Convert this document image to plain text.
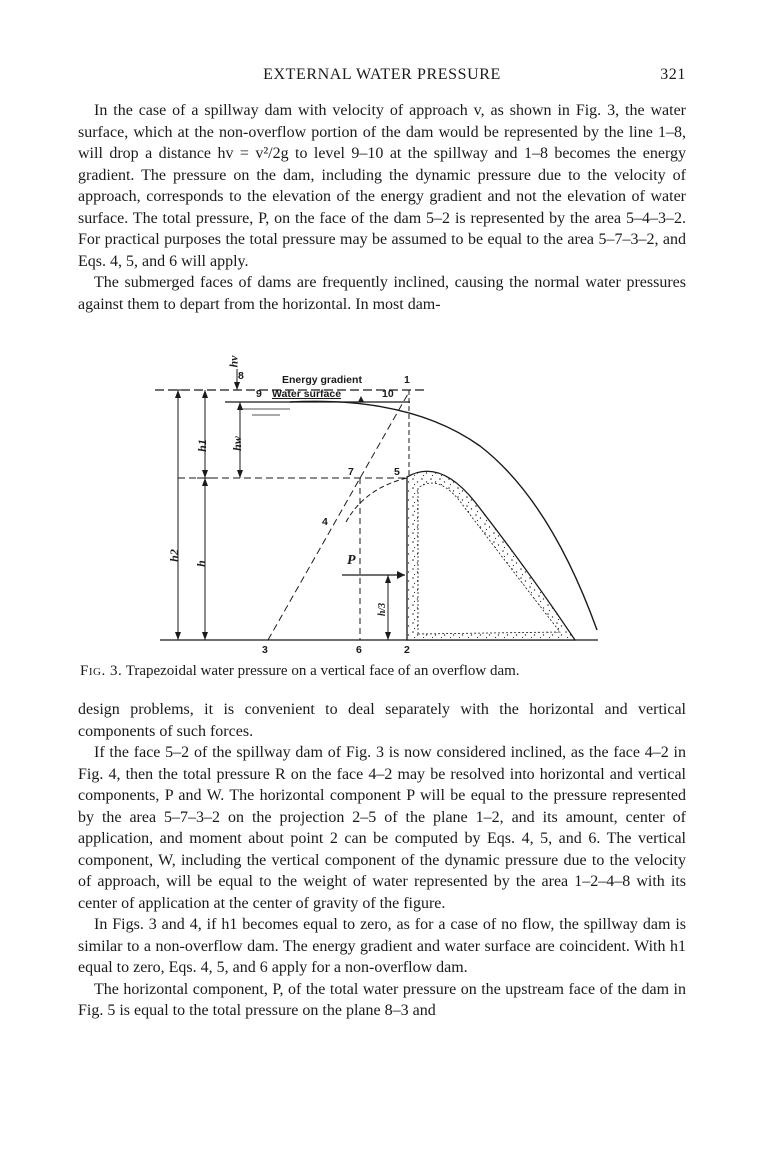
EXTERNAL WATER PRESSURE	321

In the case of a spillway dam with velocity of approach v, as shown in Fig. 3, the water surface, which at the non-overflow portion of the dam would be represented by the line 1–8, will drop a distance hv = v²/2g to level 9–10 at the spillway and 1–8 becomes the energy gradient. The pressure on the dam, including the dynamic pressure due to the velocity of approach, corresponds to the elevation of the energy gradient and not the elevation of water surface. The total pressure, P, on the face of the dam 5–2 is represented by the area 5–4–3–2. For practical purposes the total pressure may be assumed to be equal to the area 5–7–3–2, and Eqs. 4, 5, and 6 will apply.

The submerged faces of dams are frequently inclined, causing the normal water pressures against them to depart from the horizontal. In most dam-

8	Energy gradient	1
9 Water surface	10
7	5
4
3	6	2
P
hv
h2
h1
h
hw
h/3
Fig. 3. Trapezoidal water pressure on a vertical face of an overflow dam.

design problems, it is convenient to deal separately with the horizontal and vertical components of such forces.

If the face 5–2 of the spillway dam of Fig. 3 is now considered inclined, as the face 4–2 in Fig. 4, then the total pressure R on the face 4–2 may be resolved into horizontal and vertical components, P and W. The horizontal component P will be equal to the pressure represented by the area 5–7–3–2 on the projection 2–5 of the plane 1–2, and its amount, center of application, and moment about point 2 can be computed by Eqs. 4, 5, and 6. The vertical component, W, including the vertical component of the dynamic pressure due to the velocity of approach, will be equal to the weight of water represented by the area 1–2–4–8 with its center of application at the center of gravity of the figure.

In Figs. 3 and 4, if h1 becomes equal to zero, as for a case of no flow, the spillway dam is similar to a non-overflow dam. The energy gradient and water surface are coincident. With h1 equal to zero, Eqs. 4, 5, and 6 apply for a non-overflow dam.

The horizontal component, P, of the total water pressure on the upstream face of the dam in Fig. 5 is equal to the total pressure on the plane 8–3 and
